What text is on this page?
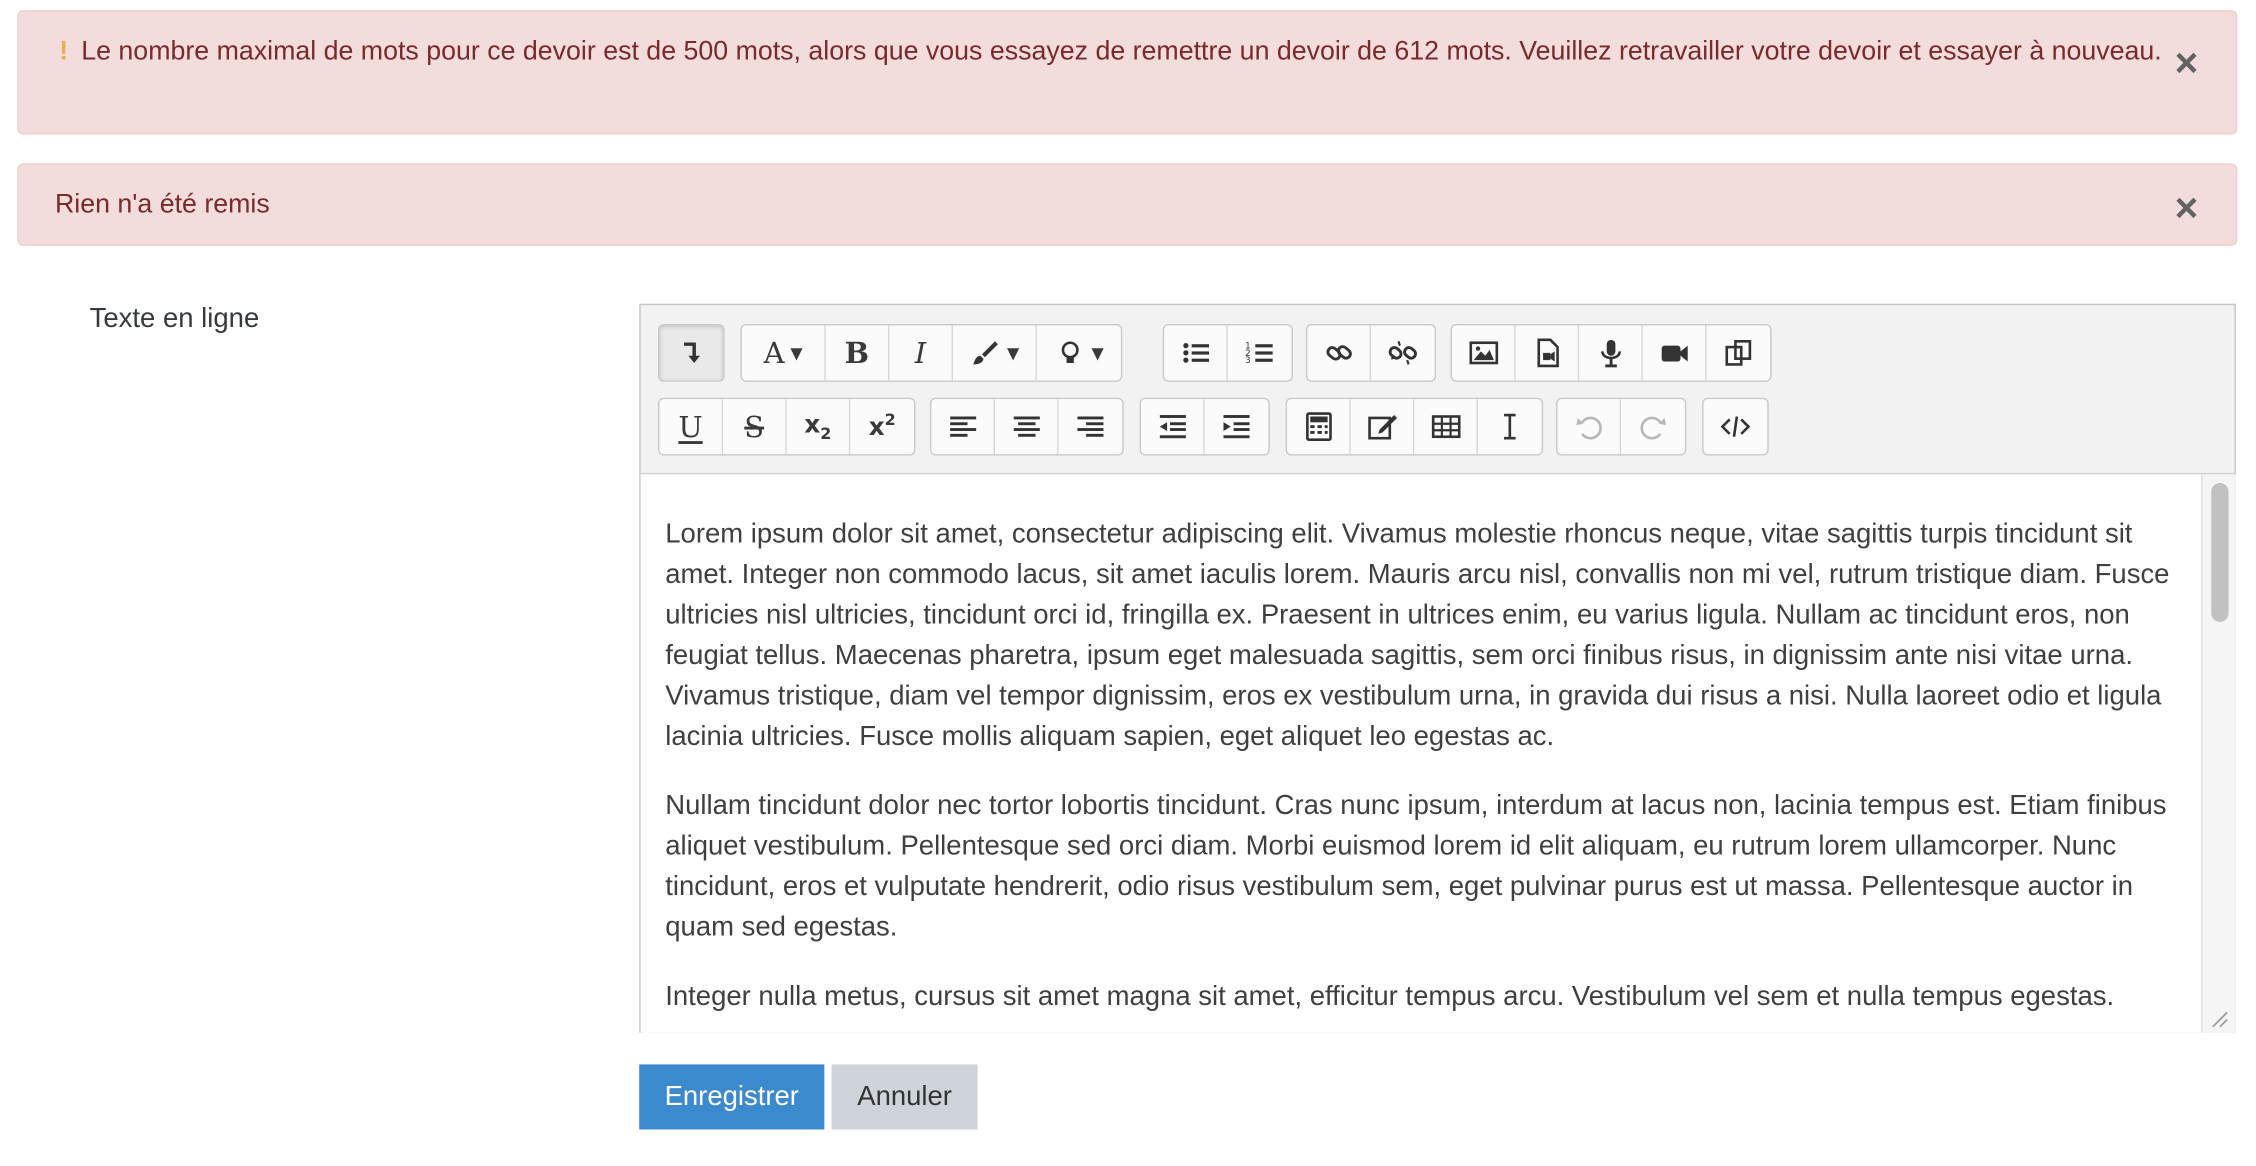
! Le nombre maximal de mots pour ce devoir est de 500 mots, alors que vous essayez de remettre un devoir de 612 mots. Veuillez retravailler votre devoir et essayer à nouveau. ×
Rien n'a été remis	×
Texte en ligne
A ▼ B I	▼	▼	1
2
3
U S $x_2$ $x^2$

Lorem ipsum dolor sit amet, consectetur adipiscing elit. Vivamus molestie rhoncus neque, vitae sagittis turpis tincidunt sit amet. Integer non commodo lacus, sit amet iaculis lorem. Mauris arcu nisl, convallis non mi vel, rutrum tristique diam. Fusce ultricies nisl ultricies, tincidunt orci id, fringilla ex. Praesent in ultrices enim, eu varius ligula. Nullam ac tincidunt eros, non feugiat tellus. Maecenas pharetra, ipsum eget malesuada sagittis, sem orci finibus risus, in dignissim ante nisi vitae urna. Vivamus tristique, diam vel tempor dignissim, eros ex vestibulum urna, in gravida dui risus a nisi. Nulla laoreet odio et ligula lacinia ultricies. Fusce mollis aliquam sapien, eget aliquet leo egestas ac.

Nullam tincidunt dolor nec tortor lobortis tincidunt. Cras nunc ipsum, interdum at lacus non, lacinia tempus est. Etiam finibus aliquet vestibulum. Pellentesque sed orci diam. Morbi euismod lorem id elit aliquam, eu rutrum lorem ullamcorper. Nunc tincidunt, eros et vulputate hendrerit, odio risus vestibulum sem, eget pulvinar purus est ut massa. Pellentesque auctor in quam sed egestas.

Integer nulla metus, cursus sit amet magna sit amet, efficitur tempus arcu. Vestibulum vel sem et nulla tempus egestas.

Enregistrer	Annuler
